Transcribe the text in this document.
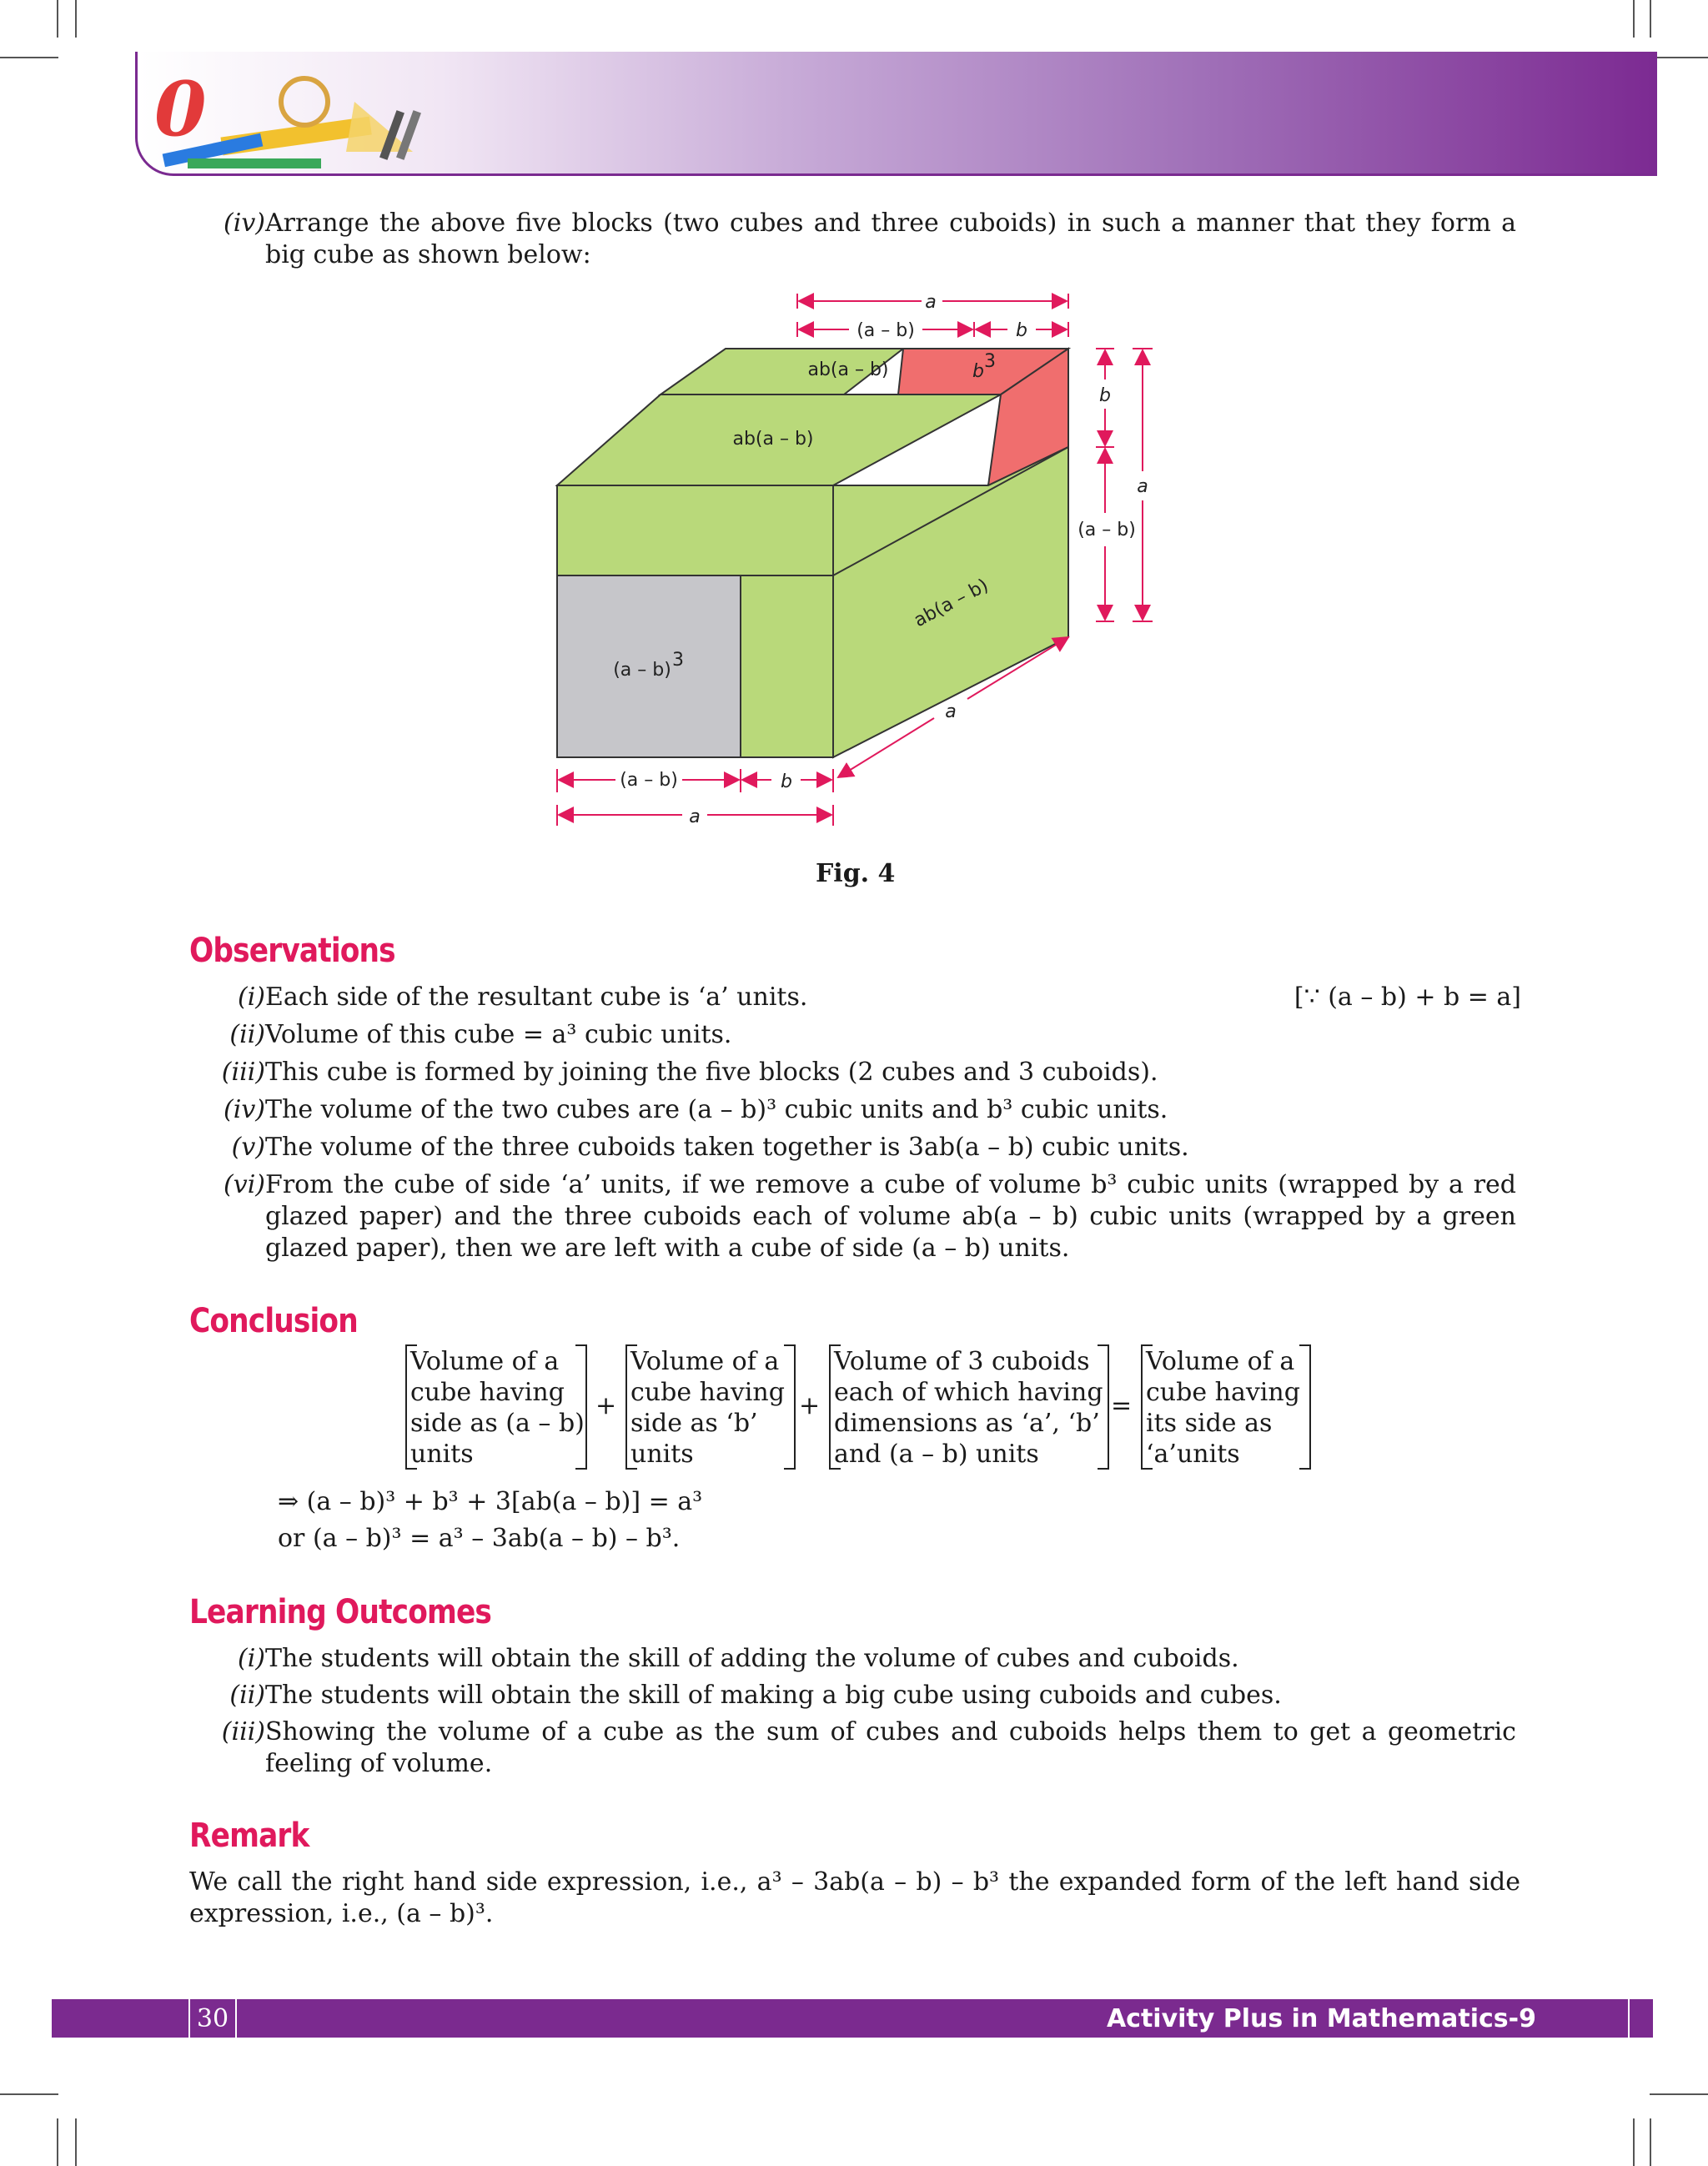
0
(iv) Arrange the above five blocks (two cubes and three cuboids) in such a manner that they form a big cube as shown below:
a
(a – b)	b
ab(a – b)	b 3
ab(a – b)
ab(a – b)
(a – b) 3
b
(a – b)
a
a
(a – b)	b
a
Fig. 4
Observations
(i) Each side of the resultant cube is ‘a’ units.	[∵ (a – b) + b = a]
(ii) Volume of this cube = a³ cubic units.
(iii) This cube is formed by joining the five blocks (2 cubes and 3 cuboids).
(iv) The volume of the two cubes are (a – b)³ cubic units and b³ cubic units.
(v) The volume of the three cuboids taken together is 3ab(a – b) cubic units.
(vi) From the cube of side ‘a’ units, if we remove a cube of volume b³ cubic units (wrapped by a red glazed paper) and the three cuboids each of volume ab(a – b) cubic units (wrapped by a green glazed paper), then we are left with a cube of side (a – b) units.
Conclusion
Volume of a
cube having
side as (a – b)
units
+
Volume of a
cube having
side as ‘b’
units
+
Volume of 3 cuboids
each of which having
dimensions as ‘a’, ‘b’
and (a – b) units
=
Volume of a
cube having
its side as
‘a’units
⇒ (a – b)³ + b³ + 3[ab(a – b)] = a³
or (a – b)³ = a³ – 3ab(a – b) – b³.
Learning Outcomes
(i) The students will obtain the skill of adding the volume of cubes and cuboids.
(ii) The students will obtain the skill of making a big cube using cuboids and cubes.
(iii) Showing the volume of a cube as the sum of cubes and cuboids helps them to get a geometric feeling of volume.
Remark
We call the right hand side expression, i.e., a³ – 3ab(a – b) – b³ the expanded form of the left hand side expression, i.e., (a – b)³.
30	Activity Plus in Mathematics-9
